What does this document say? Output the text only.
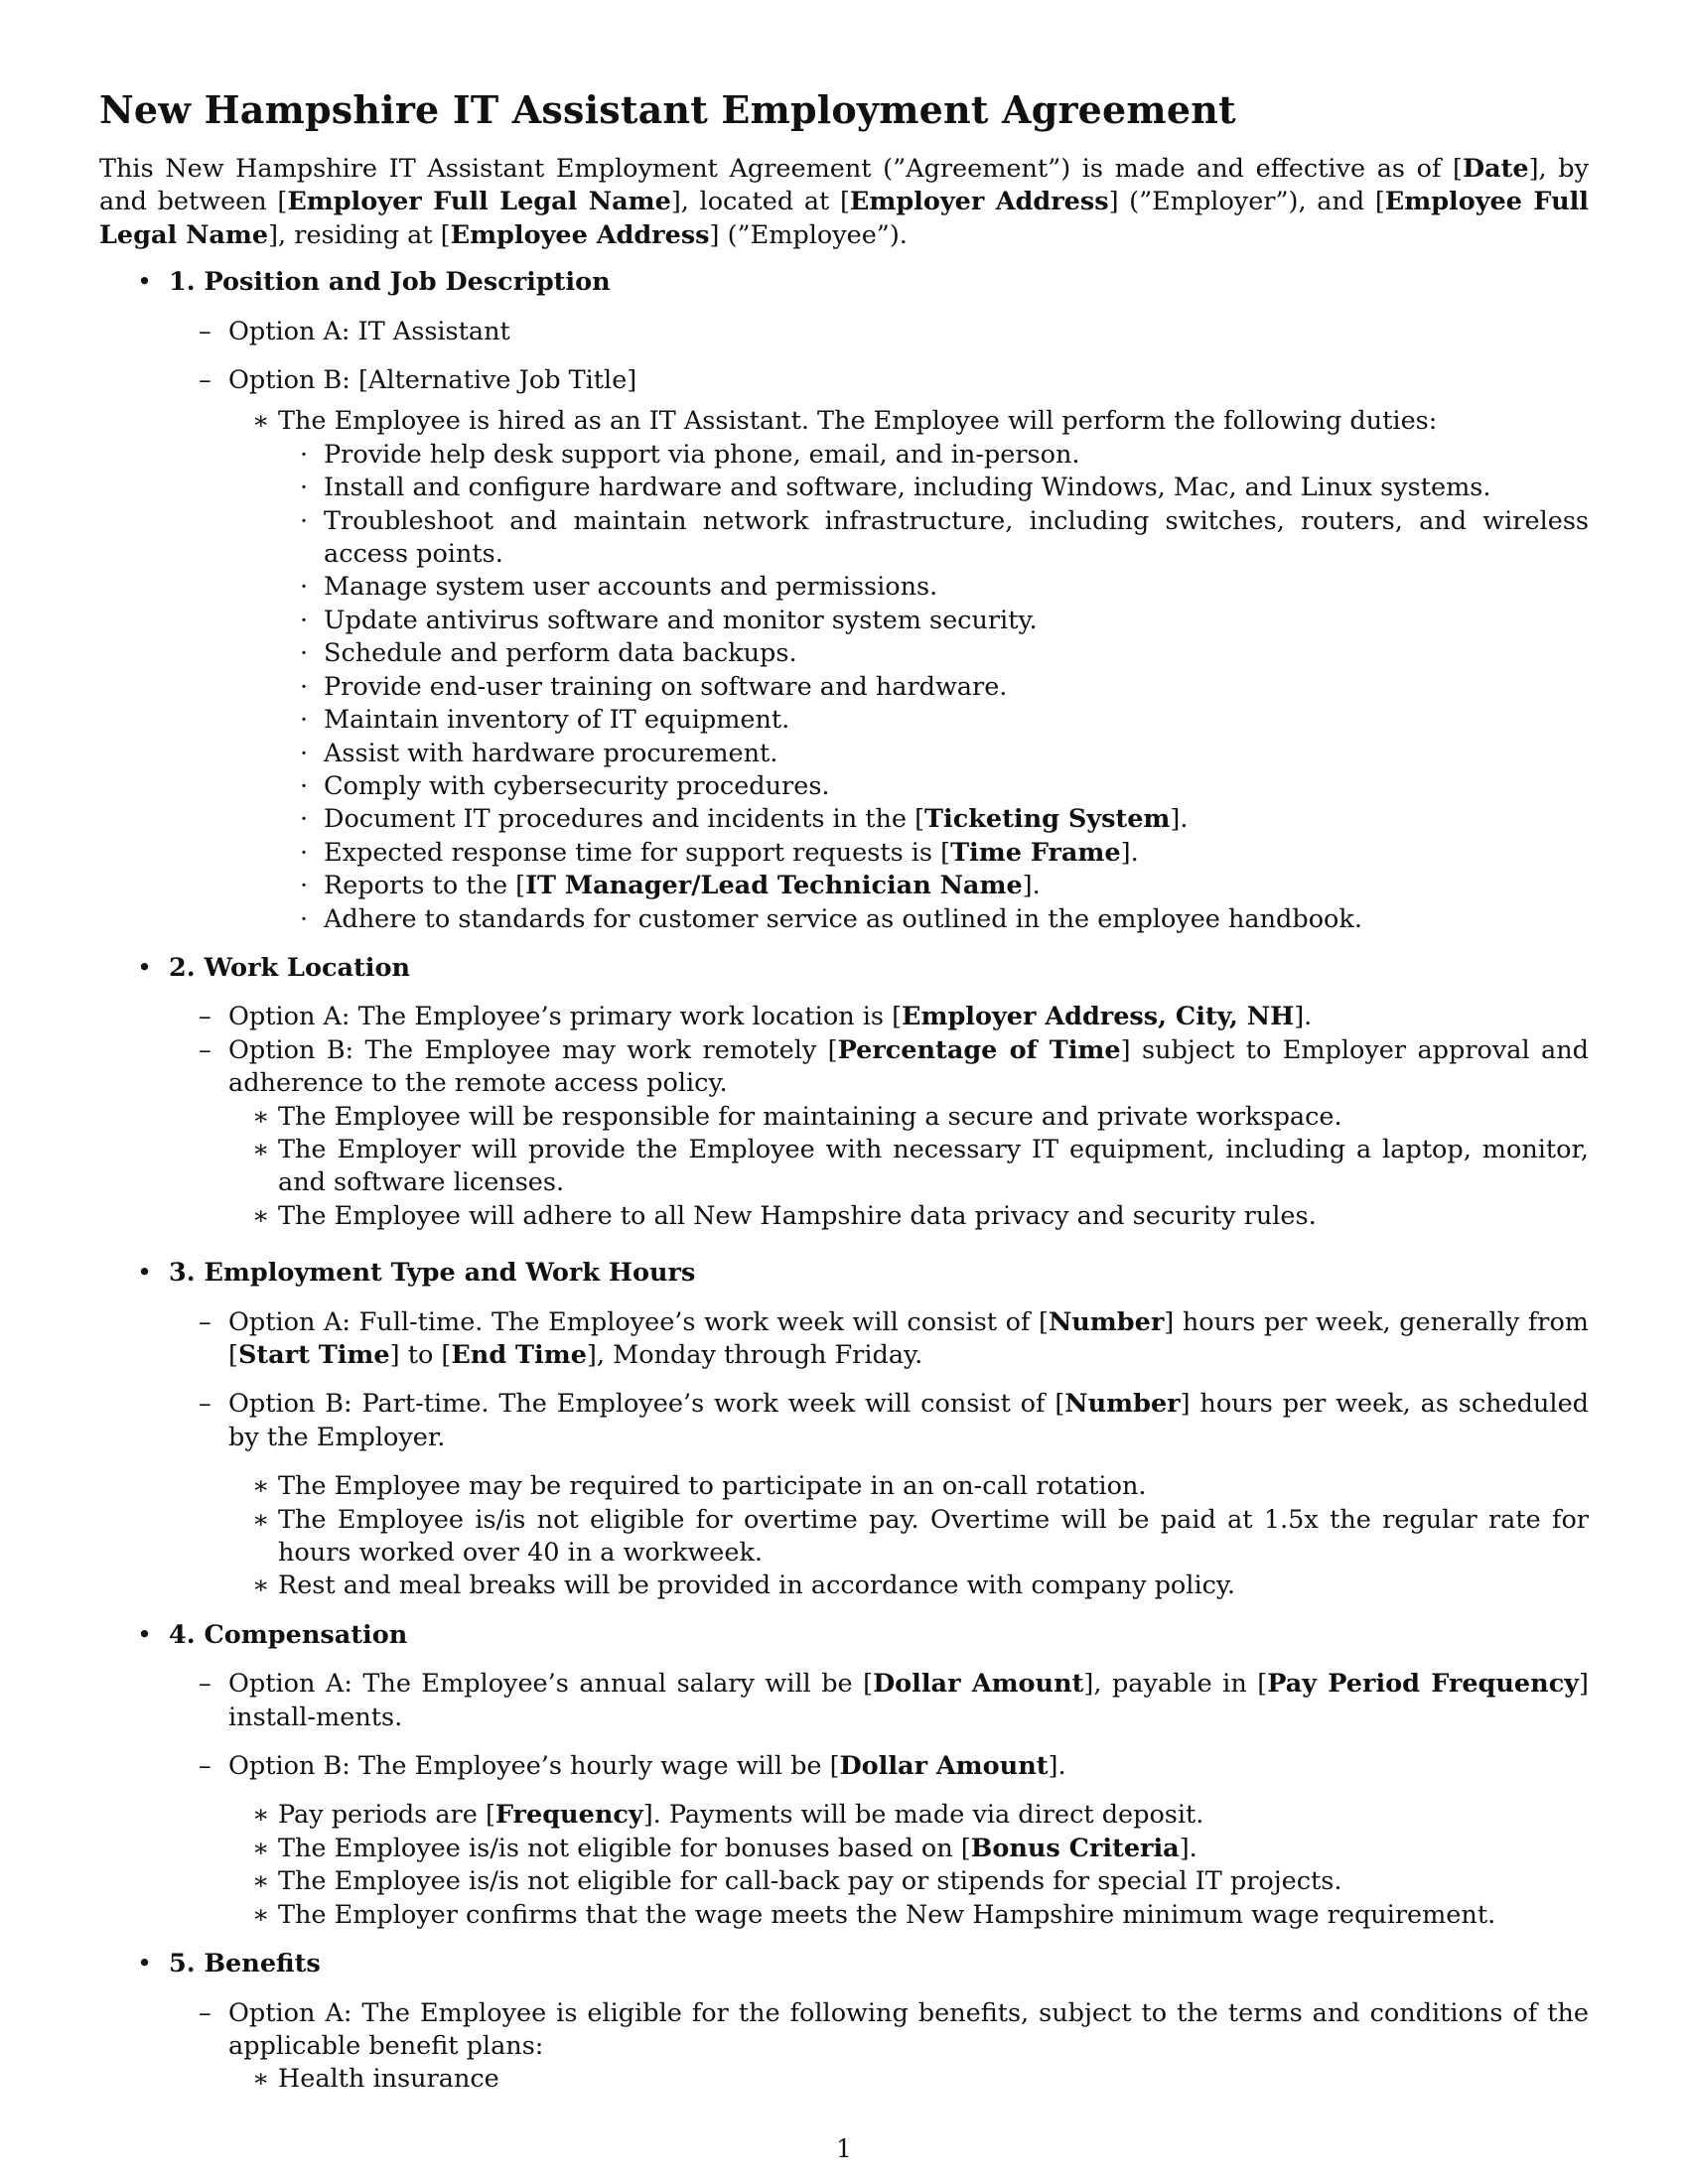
New Hampshire IT Assistant Employment Agreement

This New Hampshire IT Assistant Employment Agreement (”Agreement”) is made and effective as of [Date], by and between [Employer Full Legal Name], located at [Employer Address] (”Employer”), and [Employee Full Legal Name], residing at [Employee Address] (”Employee”).

• 1. Position and Job Description
– Option A: IT Assistant
– Option B: [Alternative Job Title]
∗ The Employee is hired as an IT Assistant. The Employee will perform the following duties:
· Provide help desk support via phone, email, and in-person.
· Install and configure hardware and software, including Windows, Mac, and Linux systems.
· Troubleshoot and maintain network infrastructure, including switches, routers, and wireless access points.
· Manage system user accounts and permissions.
· Update antivirus software and monitor system security.
· Schedule and perform data backups.
· Provide end-user training on software and hardware.
· Maintain inventory of IT equipment.
· Assist with hardware procurement.
· Comply with cybersecurity procedures.
· Document IT procedures and incidents in the [Ticketing System].
· Expected response time for support requests is [Time Frame].
· Reports to the [IT Manager/Lead Technician Name].
· Adhere to standards for customer service as outlined in the employee handbook.
• 2. Work Location
– Option A: The Employee’s primary work location is [Employer Address, City, NH].
– Option B: The Employee may work remotely [Percentage of Time] subject to Employer approval and adherence to the remote access policy.
∗ The Employee will be responsible for maintaining a secure and private workspace.
∗ The Employer will provide the Employee with necessary IT equipment, including a laptop, monitor, and software licenses.
∗ The Employee will adhere to all New Hampshire data privacy and security rules.
• 3. Employment Type and Work Hours
– Option A: Full-time. The Employee’s work week will consist of [Number] hours per week, generally from [Start Time] to [End Time], Monday through Friday.
– Option B: Part-time. The Employee’s work week will consist of [Number] hours per week, as scheduled by the Employer.
∗ The Employee may be required to participate in an on-call rotation.
∗ The Employee is/is not eligible for overtime pay. Overtime will be paid at 1.5x the regular rate for hours worked over 40 in a workweek.
∗ Rest and meal breaks will be provided in accordance with company policy.
• 4. Compensation
– Option A: The Employee’s annual salary will be [Dollar Amount], payable in [Pay Period Frequency] install-ments.
– Option B: The Employee’s hourly wage will be [Dollar Amount].
∗ Pay periods are [Frequency]. Payments will be made via direct deposit.
∗ The Employee is/is not eligible for bonuses based on [Bonus Criteria].
∗ The Employee is/is not eligible for call-back pay or stipends for special IT projects.
∗ The Employer confirms that the wage meets the New Hampshire minimum wage requirement.
• 5. Benefits
– Option A: The Employee is eligible for the following benefits, subject to the terms and conditions of the applicable benefit plans:
∗ Health insurance
1
